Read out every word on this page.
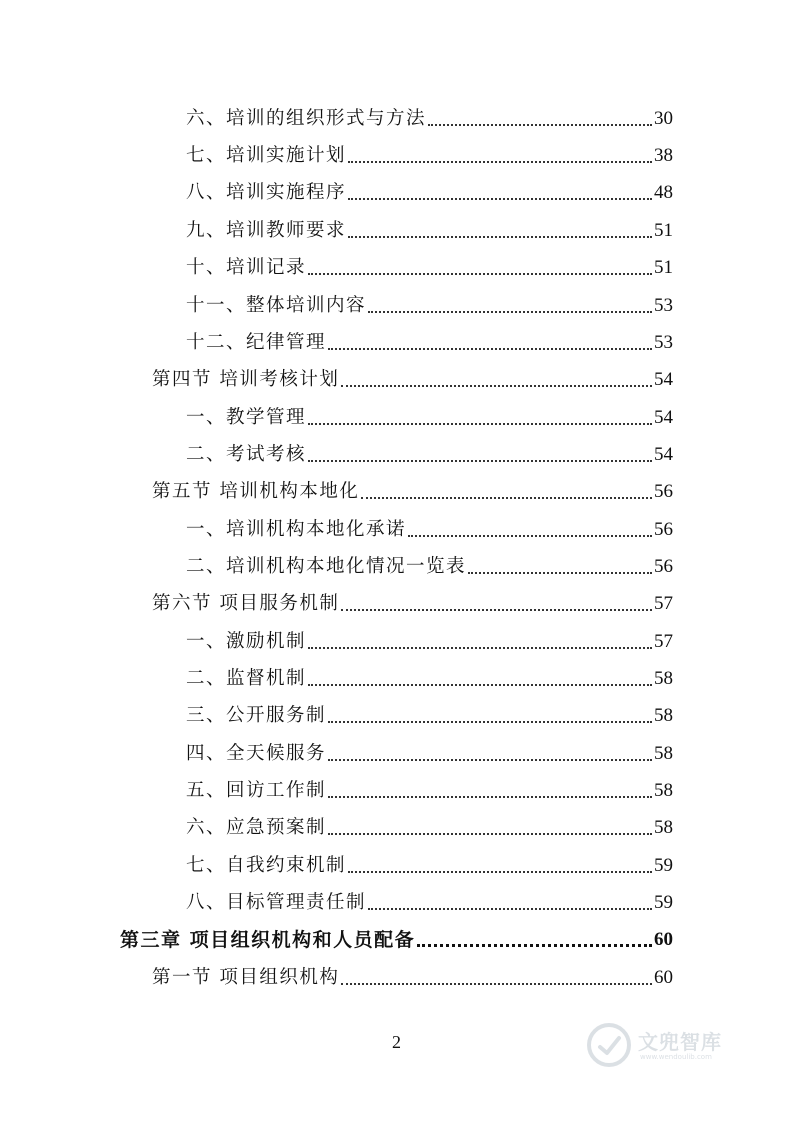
六、培训的组织形式与方法	30
七、培训实施计划	38
八、培训实施程序	48
九、培训教师要求	51
十、培训记录	51
十一、整体培训内容	53
十二、纪律管理	53
第四节 培训考核计划	54
一、教学管理	54
二、考试考核	54
第五节 培训机构本地化	56
一、培训机构本地化承诺	56
二、培训机构本地化情况一览表	56
第六节 项目服务机制	57
一、激励机制	57
二、监督机制	58
三、公开服务制	58
四、全天候服务	58
五、回访工作制	58
六、应急预案制	58
七、自我约束机制	59
八、目标管理责任制	59
第三章 项目组织机构和人员配备	60
第一节 项目组织机构	60
2	文兜智库
www.wendoulib.com
